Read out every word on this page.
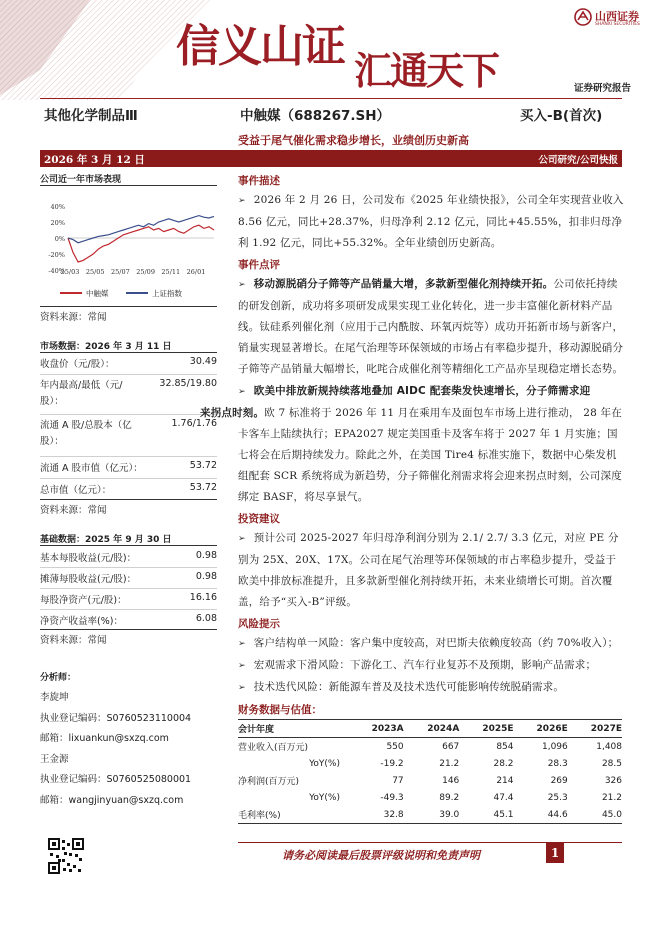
信义山证 汇通天下
山西证券
SHANXI SECURITIES
证券研究报告
其他化学制品Ⅲ	中触媒（688267.SH）	买入-B(首次)
受益于尾气催化需求稳步增长，业绩创历史新高
2026 年 3 月 12 日	公司研究/公司快报
公司近一年市场表现
40%
20%
0%
-20%
-40%
25/03 25/05 25/07 25/09 25/11 26/01
中触媒	上证指数
资料来源：常闻
市场数据：2026 年 3 月 11 日
收盘价（元/股）：	30.49
年内最高/最低（元/
股）：
32.85/19.80
流通 A 股/总股本（亿
股）：
1.76/1.76
流通 A 股市值（亿元）：	53.72
总市值（亿元）：	53.72
资料来源：常闻
基础数据：2025 年 9 月 30 日
基本每股收益(元/股)：	0.98
摊薄每股收益(元/股)：	0.98
每股净资产(元/股)：	16.16
净资产收益率(%)：	6.08
资料来源：常闻
分析师：
李旋坤
执业登记编码：S0760523110004
邮箱：lixuankun@sxzq.com
王金源
执业登记编码：S0760525080001
邮箱：wangjinyuan@sxzq.com
事件描述
➢ 2026 年 2 月 26 日，公司发布《2025 年业绩快报》，公司全年实现营业收入 8.56 亿元，同比+28.37%，归母净利 2.12 亿元，同比+45.55%，扣非归母净利 1.92 亿元，同比+55.32%。全年业绩创历史新高。
事件点评
➢ 移动源脱硝分子筛等产品销量大增，多款新型催化剂持续开拓。公司依托持续的研发创新，成功将多项研发成果实现工业化转化，进一步丰富催化新材料产品线。钛硅系列催化剂（应用于己内酰胺、环氧丙烷等）成功开拓新市场与新客户，销量实现显著增长。在尾气治理等环保领域的市场占有率稳步提升，移动源脱硝分子筛等产品销量大幅增长，叱咤合成催化剂等精细化工产品亦呈现稳定增长态势。
➢ 欧美中排放新规持续落地叠加 AIDC 配套柴发快速增长，分子筛需求迎
来拐点时刻。欧 7 标准将于 2026 年 11 月在乘用车及面包车市场上进行推动， 28 年在卡客车上陆续执行；EPA2027 规定美国重卡及客车将于 2027 年 1 月实施；国七将会在后期持续发力。除此之外，在美国 Tire4 标准实施下，数据中心柴发机组配套 SCR 系统将成为新趋势，分子筛催化剂需求将会迎来拐点时刻，公司深度绑定 BASF，将尽享景气。
投资建议
➢ 预计公司 2025-2027 年归母净利润分别为 2.1/ 2.7/ 3.3 亿元，对应 PE 分别为 25X、20X、17X。公司在尾气治理等环保领域的市占率稳步提升，受益于欧美中排放标准提升，且多款新型催化剂持续开拓，未来业绩增长可期。首次覆盖，给予“买入-B”评级。
风险提示
➢ 客户结构单一风险：客户集中度较高，对巴斯夫依赖度较高（约 70%收入）；
➢ 宏观需求下滑风险：下游化工、汽车行业复苏不及预期，影响产品需求；
➢ 技术迭代风险：新能源车普及及技术迭代可能影响传统脱硝需求。
财务数据与估值：
会计年度	2023A	2024A	2025E	2026E	2027E
营业收入(百万元)	550	667	854	1,096	1,408
YoY(%)	-19.2	21.2	28.2	28.3	28.5
净利润(百万元)	77	146	214	269	326
YoY(%)	-49.3	89.2	47.4	25.3	21.2
毛利率(%)	32.8	39.0	45.1	44.6	45.0
请务必阅读最后股票评级说明和免责声明	1
